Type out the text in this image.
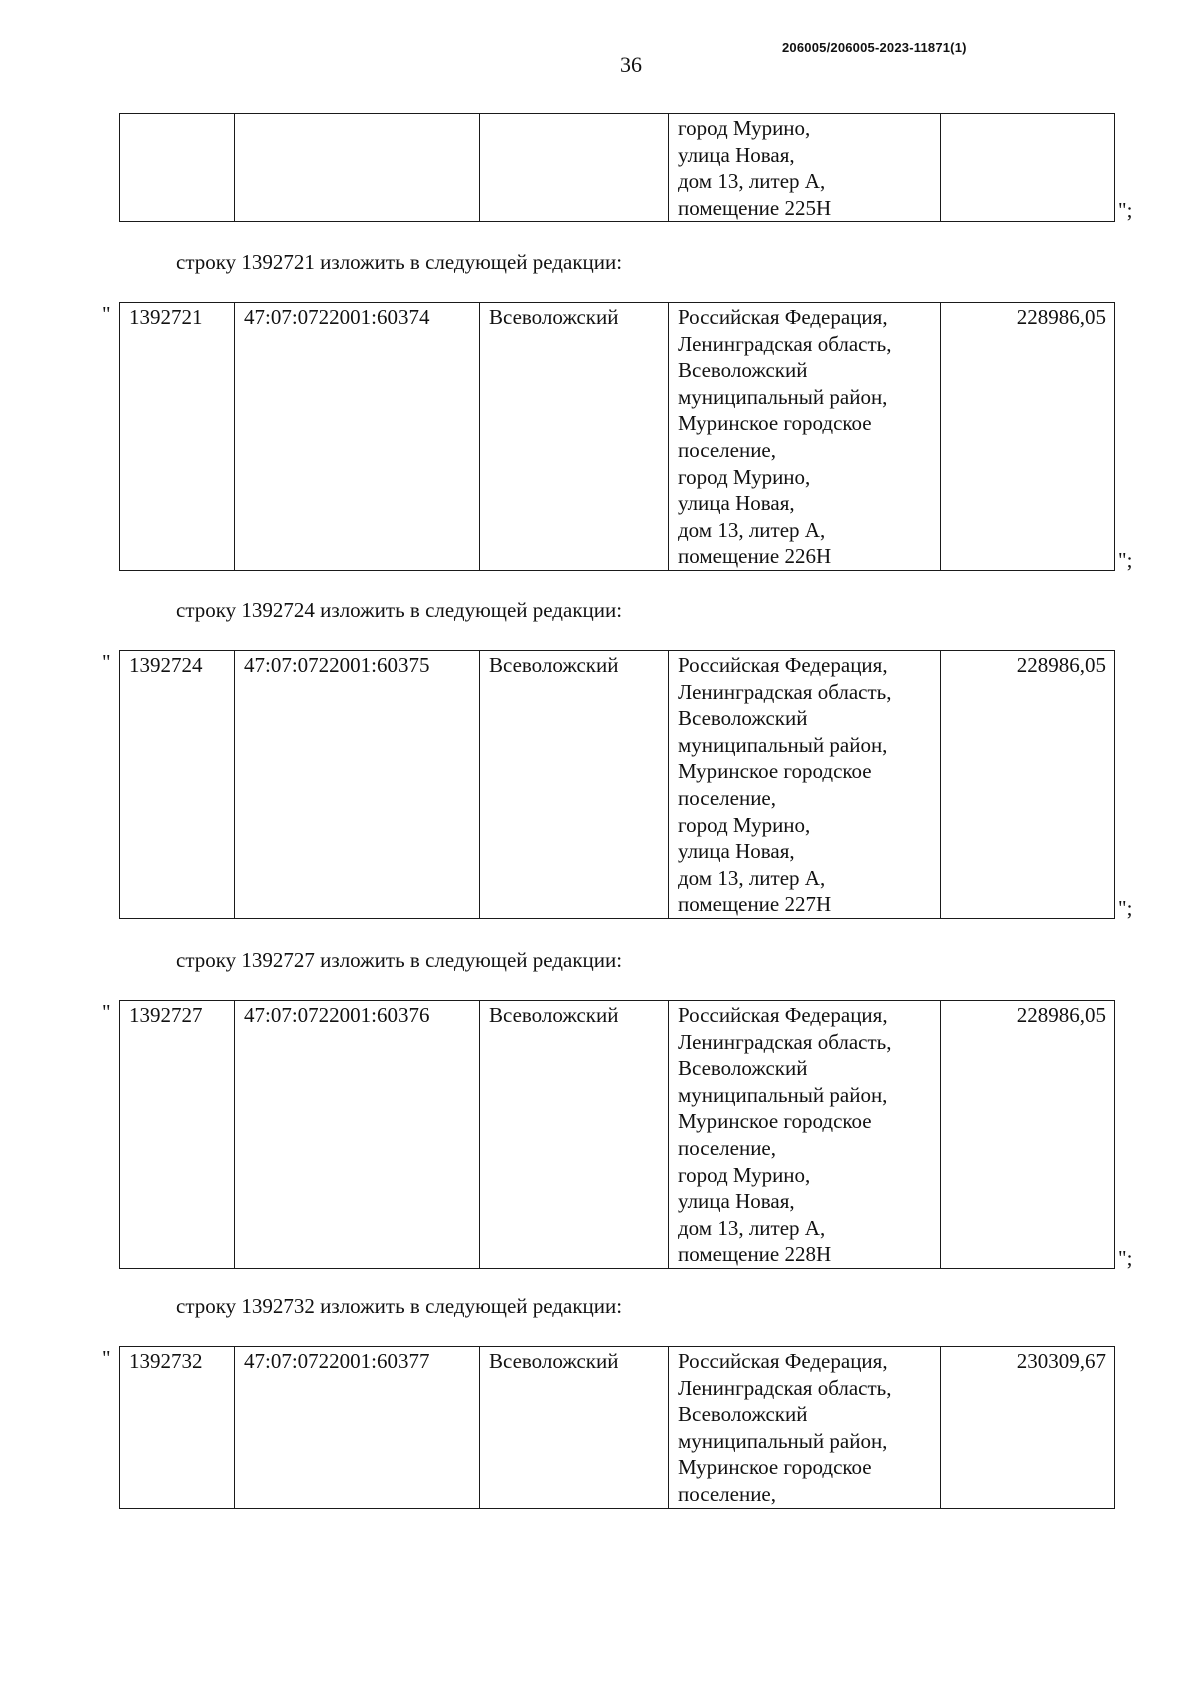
36
206005/206005-2023-11871(1)

город Мурино,
улица Новая,
дом 13, литер А,
помещение 225Н
		";
строку 1392721 изложить в следующей редакции:
" 1392721	47:07:0722001:60374	Всеволожский	Российская Федерация,
Ленинградская область,
Всеволожский
муниципальный район,
Муринское городское
поселение,
город Мурино,
улица Новая,
дом 13, литер А,
помещение 226Н
	228986,05
";
строку 1392724 изложить в следующей редакции:
" 1392724	47:07:0722001:60375	Всеволожский	Российская Федерация,
Ленинградская область,
Всеволожский
муниципальный район,
Муринское городское
поселение,
город Мурино,
улица Новая,
дом 13, литер А,
помещение 227Н
	228986,05
";
строку 1392727 изложить в следующей редакции:
" 1392727	47:07:0722001:60376	Всеволожский	Российская Федерация,
Ленинградская область,
Всеволожский
муниципальный район,
Муринское городское
поселение,
город Мурино,
улица Новая,
дом 13, литер А,
помещение 228Н
	228986,05
";
строку 1392732 изложить в следующей редакции:
" 1392732	47:07:0722001:60377	Всеволожский	Российская Федерация,
Ленинградская область,
Всеволожский
муниципальный район,
Муринское городское
поселение,
	230309,67
